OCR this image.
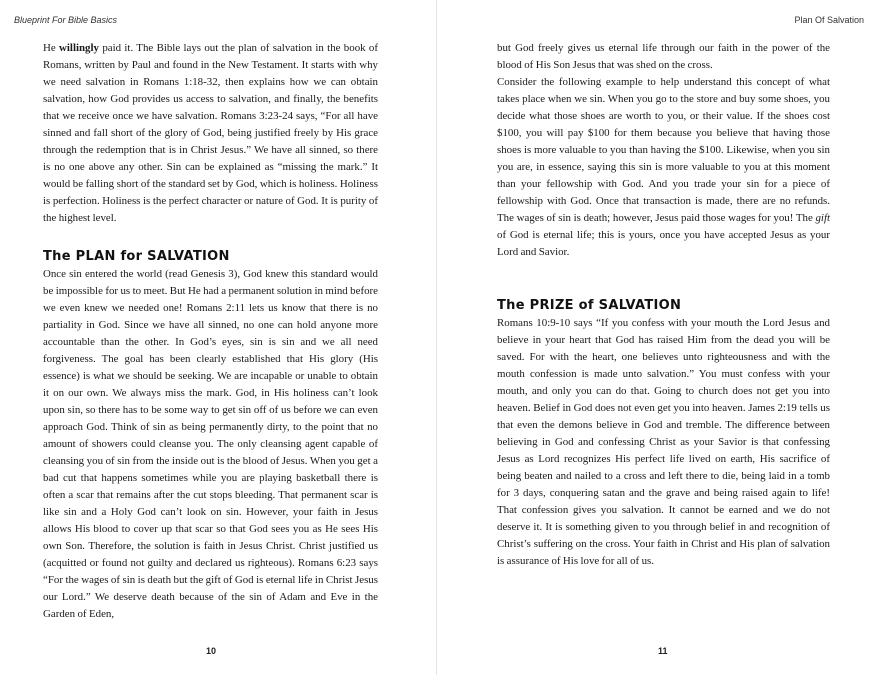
Blueprint For Bible Basics	Plan Of Salvation

He willingly paid it. The Bible lays out the plan of salvation in the book of Romans, written by Paul and found in the New Testament. It starts with why we need salvation in Romans 1:18-32, then explains how we can obtain salvation, how God provides us access to salvation, and finally, the benefits that we receive once we have salvation. Romans 3:23-24 says, “For all have sinned and fall short of the glory of God, being justified freely by His grace through the redemption that is in Christ Jesus.” We have all sinned, so there is no one above any other. Sin can be explained as “missing the mark.” It would be falling short of the standard set by God, which is holiness. Holiness is perfection. Holiness is the perfect character or nature of God. It is purity of the highest level.

The PLAN for SALVATION

Once sin entered the world (read Genesis 3), God knew this standard would be impossible for us to meet. But He had a permanent solution in mind before we even knew we needed one! Romans 2:11 lets us know that there is no partiality in God. Since we have all sinned, no one can hold anyone more accountable than the other. In God’s eyes, sin is sin and we all need forgiveness. The goal has been clearly established that His glory (His essence) is what we should be seeking. We are incapable or unable to obtain it on our own. We always miss the mark. God, in His holiness can’t look upon sin, so there has to be some way to get sin off of us before we can even approach God. Think of sin as being permanently dirty, to the point that no amount of showers could cleanse you. The only cleansing agent capable of cleansing you of sin from the inside out is the blood of Jesus. When you get a bad cut that happens sometimes while you are playing basketball there is often a scar that remains after the cut stops bleeding. That permanent scar is like sin and a Holy God can’t look on sin. However, your faith in Jesus allows His blood to cover up that scar so that God sees you as He sees His own Son. Therefore, the solution is faith in Jesus Christ. Christ justified us (acquitted or found not guilty and declared us righteous). Romans 6:23 says “For the wages of sin is death but the gift of God is eternal life in Christ Jesus our Lord.” We deserve death because of the sin of Adam and Eve in the Garden of Eden,

but God freely gives us eternal life through our faith in the power of the blood of His Son Jesus that was shed on the cross.

Consider the following example to help understand this concept of what takes place when we sin. When you go to the store and buy some shoes, you decide what those shoes are worth to you, or their value. If the shoes cost $100, you will pay $100 for them because you believe that having those shoes is more valuable to you than having the $100. Likewise, when you sin you are, in essence, saying this sin is more valuable to you at this moment than your fellowship with God. And you trade your sin for a piece of fellowship with God. Once that transaction is made, there are no refunds. The wages of sin is death; however, Jesus paid those wages for you! The gift of God is eternal life; this is yours, once you have accepted Jesus as your Lord and Savior.

The PRIZE of SALVATION

Romans 10:9-10 says “If you confess with your mouth the Lord Jesus and believe in your heart that God has raised Him from the dead you will be saved. For with the heart, one believes unto righteousness and with the mouth confession is made unto salvation.” You must confess with your mouth, and only you can do that. Going to church does not get you into heaven. Belief in God does not even get you into heaven. James 2:19 tells us that even the demons believe in God and tremble. The difference between believing in God and confessing Christ as your Savior is that confessing Jesus as Lord recognizes His perfect life lived on earth, His sacrifice of being beaten and nailed to a cross and left there to die, being laid in a tomb for 3 days, conquering satan and the grave and being raised again to life! That confession gives you salvation. It cannot be earned and we do not deserve it. It is something given to you through belief in and recognition of Christ’s suffering on the cross. Your faith in Christ and His plan of salvation is assurance of His love for all of us.

10	11
